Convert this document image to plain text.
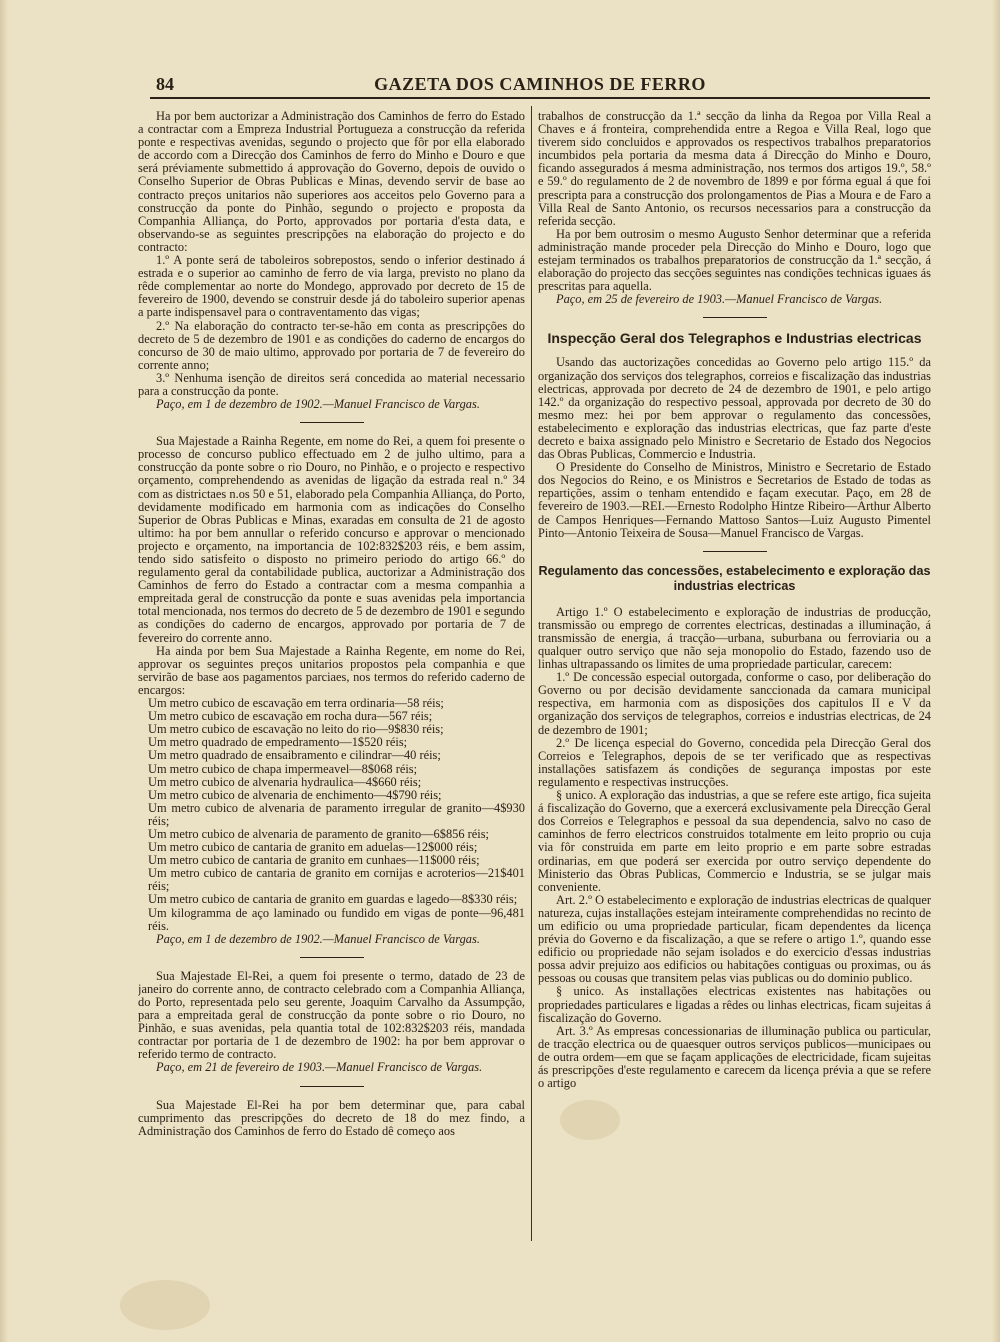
84	GAZETA DOS CAMINHOS DE FERRO

Ha por bem auctorizar a Administração dos Caminhos de ferro do Estado a contractar com a Empreza Industrial Portugueza a construcção da referida ponte e respectivas avenidas, segundo o projecto que fôr por ella elaborado de accordo com a Direcção dos Caminhos de ferro do Minho e Douro e que será préviamente submettido á approvação do Governo, depois de ouvido o Conselho Superior de Obras Publicas e Minas, devendo servir de base ao contracto preços unitarios não superiores aos acceitos pelo Governo para a construcção da ponte do Pinhão, segundo o projecto e proposta da Companhia Alliança, do Porto, approvados por portaria d'esta data, e observando-se as seguintes prescripções na elaboração do projecto e do contracto:

1.º A ponte será de taboleiros sobrepostos, sendo o inferior destinado á estrada e o superior ao caminho de ferro de via larga, previsto no plano da rêde complementar ao norte do Mondego, approvado por decreto de 15 de fevereiro de 1900, devendo se construir desde já do taboleiro superior apenas a parte indispensavel para o contraventamento das vigas;

2.º Na elaboração do contracto ter-se-hão em conta as prescripções do decreto de 5 de dezembro de 1901 e as condições do caderno de encargos do concurso de 30 de maio ultimo, approvado por portaria de 7 de fevereiro do corrente anno;

3.º Nenhuma isenção de direitos será concedida ao material necessario para a construcção da ponte.

Paço, em 1 de dezembro de 1902.—Manuel Francisco de Vargas.

Sua Majestade a Rainha Regente, em nome do Rei, a quem foi presente o processo de concurso publico effectuado em 2 de julho ultimo, para a construcção da ponte sobre o rio Douro, no Pinhão, e o projecto e respectivo orçamento, comprehendendo as avenidas de ligação da estrada real n.º 34 com as districtaes n.os 50 e 51, elaborado pela Companhia Alliança, do Porto, devidamente modificado em harmonia com as indicações do Conselho Superior de Obras Publicas e Minas, exaradas em consulta de 21 de agosto ultimo: ha por bem annullar o referido concurso e approvar o mencionado projecto e orçamento, na importancia de 102:832$203 réis, e bem assim, tendo sido satisfeito o disposto no primeiro periodo do artigo 66.º do regulamento geral da contabilidade publica, auctorizar a Administração dos Caminhos de ferro do Estado a contractar com a mesma companhia a empreitada geral de construcção da ponte e suas avenidas pela importancia total mencionada, nos termos do decreto de 5 de dezembro de 1901 e segundo as condições do caderno de encargos, approvado por portaria de 7 de fevereiro do corrente anno.

Ha ainda por bem Sua Majestade a Rainha Regente, em nome do Rei, approvar os seguintes preços unitarios propostos pela companhia e que servirão de base aos pagamentos parciaes, nos termos do referido caderno de encargos:

Um metro cubico de escavação em terra ordinaria—58 réis;

Um metro cubico de escavação em rocha dura—567 réis;

Um metro cubico de escavação no leito do rio—9$830 réis;

Um metro quadrado de empedramento—1$520 réis;

Um metro quadrado de ensaibramento e cilindrar—40 réis;

Um metro cubico de chapa impermeavel—8$068 réis;

Um metro cubico de alvenaria hydraulica—4$660 réis;

Um metro cubico de alvenaria de enchimento—4$790 réis;

Um metro cubico de alvenaria de paramento irregular de granito—4$930 réis;

Um metro cubico de alvenaria de paramento de granito—6$856 réis;

Um metro cubico de cantaria de granito em aduelas—12$000 réis;

Um metro cubico de cantaria de granito em cunhaes—11$000 réis;

Um metro cubico de cantaria de granito em cornijas e acroterios—21$401 réis;

Um metro cubico de cantaria de granito em guardas e lagedo—8$330 réis;

Um kilogramma de aço laminado ou fundido em vigas de ponte—96,481 réis.

Paço, em 1 de dezembro de 1902.—Manuel Francisco de Vargas.

Sua Majestade El-Rei, a quem foi presente o termo, datado de 23 de janeiro do corrente anno, de contracto celebrado com a Companhia Alliança, do Porto, representada pelo seu gerente, Joaquim Carvalho da Assumpção, para a empreitada geral de construcção da ponte sobre o rio Douro, no Pinhão, e suas avenidas, pela quantia total de 102:832$203 réis, mandada contractar por portaria de 1 de dezembro de 1902: ha por bem approvar o referido termo de contracto.

Paço, em 21 de fevereiro de 1903.—Manuel Francisco de Vargas.

Sua Majestade El-Rei ha por bem determinar que, para cabal cumprimento das prescripções do decreto de 18 do mez findo, a Administração dos Caminhos de ferro do Estado dê começo aos

trabalhos de construcção da 1.ª secção da linha da Regoa por Villa Real a Chaves e á fronteira, comprehendida entre a Regoa e Villa Real, logo que tiverem sido concluidos e approvados os respectivos trabalhos preparatorios incumbidos pela portaria da mesma data á Direcção do Minho e Douro, ficando assegurados á mesma administração, nos termos dos artigos 19.º, 58.º e 59.º do regulamento de 2 de novembro de 1899 e por fórma egual á que foi prescripta para a construcção dos prolongamentos de Pias a Moura e de Faro a Villa Real de Santo Antonio, os recursos necessarios para a construcção da referida secção.

Ha por bem outrosim o mesmo Augusto Senhor determinar que a referida administração mande proceder pela Direcção do Minho e Douro, logo que estejam terminados os trabalhos preparatorios de construcção da 1.ª secção, á elaboração do projecto das secções seguintes nas condições technicas iguaes ás prescritas para aquella.

Paço, em 25 de fevereiro de 1903.—Manuel Francisco de Vargas.

Inspecção Geral dos Telegraphos e Industrias electricas

Usando das auctorizações concedidas ao Governo pelo artigo 115.º da organização dos serviços dos telegraphos, correios e fiscalização das industrias electricas, approvada por decreto de 24 de dezembro de 1901, e pelo artigo 142.º da organização do respectivo pessoal, approvada por decreto de 30 do mesmo mez: hei por bem approvar o regulamento das concessões, estabelecimento e exploração das industrias electricas, que faz parte d'este decreto e baixa assignado pelo Ministro e Secretario de Estado dos Negocios das Obras Publicas, Commercio e Industria.

O Presidente do Conselho de Ministros, Ministro e Secretario de Estado dos Negocios do Reino, e os Ministros e Secretarios de Estado de todas as repartições, assim o tenham entendido e façam executar. Paço, em 28 de fevereiro de 1903.—REI.—Ernesto Rodolpho Hintze Ribeiro—Arthur Alberto de Campos Henriques—Fernando Mattoso Santos—Luiz Augusto Pimentel Pinto—Antonio Teixeira de Sousa—Manuel Francisco de Vargas.

Regulamento das concessões, estabelecimento e exploração das industrias electricas

Artigo 1.º O estabelecimento e exploração de industrias de producção, transmissão ou emprego de correntes electricas, destinadas a illuminação, á transmissão de energia, á tracção—urbana, suburbana ou ferroviaria ou a qualquer outro serviço que não seja monopolio do Estado, fazendo uso de linhas ultrapassando os limites de uma propriedade particular, carecem:

1.º De concessão especial outorgada, conforme o caso, por deliberação do Governo ou por decisão devidamente sanccionada da camara municipal respectiva, em harmonia com as disposições dos capitulos II e V da organização dos serviços de telegraphos, correios e industrias electricas, de 24 de dezembro de 1901;

2.º De licença especial do Governo, concedida pela Direcção Geral dos Correios e Telegraphos, depois de se ter verificado que as respectivas installações satisfazem ás condições de segurança impostas por este regulamento e respectivas instrucções.

§ unico. A exploração das industrias, a que se refere este artigo, fica sujeita á fiscalização do Governo, que a exercerá exclusivamente pela Direcção Geral dos Correios e Telegraphos e pessoal da sua dependencia, salvo no caso de caminhos de ferro electricos construidos totalmente em leito proprio ou cuja via fôr construida em parte em leito proprio e em parte sobre estradas ordinarias, em que poderá ser exercida por outro serviço dependente do Ministerio das Obras Publicas, Commercio e Industria, se se julgar mais conveniente.

Art. 2.º O estabelecimento e exploração de industrias electricas de qualquer natureza, cujas installações estejam inteiramente comprehendidas no recinto de um edificio ou uma propriedade particular, ficam dependentes da licença prévia do Governo e da fiscalização, a que se refere o artigo 1.º, quando esse edificio ou propriedade não sejam isolados e do exercicio d'essas industrias possa advir prejuizo aos edificios ou habitações contiguas ou proximas, ou ás pessoas ou cousas que transitem pelas vias publicas ou do dominio publico.

§ unico. As installações electricas existentes nas habitações ou propriedades particulares e ligadas a rêdes ou linhas electricas, ficam sujeitas á fiscalização do Governo.

Art. 3.º As empresas concessionarias de illuminação publica ou particular, de tracção electrica ou de quaesquer outros serviços publicos—municipaes ou de outra ordem—em que se façam applicações de electricidade, ficam sujeitas ás prescripções d'este regulamento e carecem da licença prévia a que se refere o artigo
